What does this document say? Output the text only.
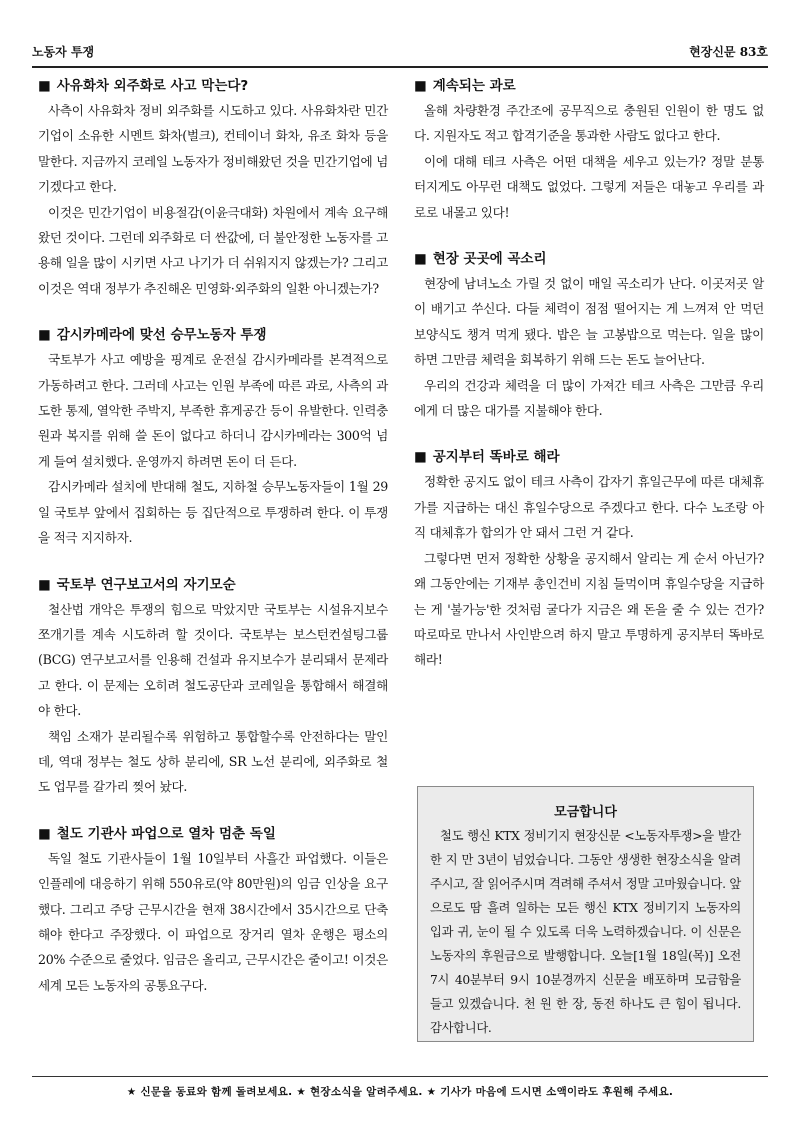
노동자 투쟁	현장신문 83호
■ 사유화차 외주화로 사고 막는다?

사측이 사유화차 정비 외주화를 시도하고 있다. 사유화차란 민간기업이 소유한 시멘트 화차(벌크), 컨테이너 화차, 유조 화차 등을 말한다. 지금까지 코레일 노동자가 정비해왔던 것을 민간기업에 넘기겠다고 한다.

이것은 민간기업이 비용절감(이윤극대화) 차원에서 계속 요구해왔던 것이다. 그런데 외주화로 더 싼값에, 더 불안정한 노동자를 고용해 일을 많이 시키면 사고 나기가 더 쉬워지지 않겠는가? 그리고 이것은 역대 정부가 추진해온 민영화·외주화의 일환 아니겠는가?

■ 감시카메라에 맞선 승무노동자 투쟁

국토부가 사고 예방을 핑계로 운전실 감시카메라를 본격적으로 가동하려고 한다. 그러데 사고는 인원 부족에 따른 과로, 사측의 과도한 통제, 열악한 주박지, 부족한 휴게공간 등이 유발한다. 인력충원과 복지를 위해 쓸 돈이 없다고 하더니 감시카메라는 300억 넘게 들여 설치했다. 운영까지 하려면 돈이 더 든다.

감시카메라 설치에 반대해 철도, 지하철 승무노동자들이 1월 29일 국토부 앞에서 집회하는 등 집단적으로 투쟁하려 한다. 이 투쟁을 적극 지지하자.

■ 국토부 연구보고서의 자기모순

철산법 개악은 투쟁의 힘으로 막았지만 국토부는 시설유지보수 쪼개기를 계속 시도하려 할 것이다. 국토부는 보스턴컨설팅그룹(BCG) 연구보고서를 인용해 건설과 유지보수가 분리돼서 문제라고 한다. 이 문제는 오히려 철도공단과 코레일을 통합해서 해결해야 한다.

책임 소재가 분리될수록 위험하고 통합할수록 안전하다는 말인데, 역대 정부는 철도 상하 분리에, SR 노선 분리에, 외주화로 철도 업무를 갈가리 찢어 놨다.

■ 철도 기관사 파업으로 열차 멈춘 독일

독일 철도 기관사들이 1월 10일부터 사흘간 파업했다. 이들은 인플레에 대응하기 위해 550유로(약 80만원)의 임금 인상을 요구했다. 그리고 주당 근무시간을 현재 38시간에서 35시간으로 단축해야 한다고 주장했다. 이 파업으로 장거리 열차 운행은 평소의 20% 수준으로 줄었다. 임금은 올리고, 근무시간은 줄이고! 이것은 세계 모든 노동자의 공통요구다.

■ 계속되는 과로

올해 차량환경 주간조에 공무직으로 충원된 인원이 한 명도 없다. 지원자도 적고 합격기준을 통과한 사람도 없다고 한다.

이에 대해 테크 사측은 어떤 대책을 세우고 있는가? 정말 분통 터지게도 아무런 대책도 없었다. 그렇게 저들은 대놓고 우리를 과로로 내몰고 있다!

■ 현장 곳곳에 곡소리

현장에 남녀노소 가릴 것 없이 매일 곡소리가 난다. 이곳저곳 알이 배기고 쑤신다. 다들 체력이 점점 떨어지는 게 느껴져 안 먹던 보양식도 챙겨 먹게 됐다. 밥은 늘 고봉밥으로 먹는다. 일을 많이 하면 그만큼 체력을 회복하기 위해 드는 돈도 늘어난다.

우리의 건강과 체력을 더 많이 가져간 테크 사측은 그만큼 우리에게 더 많은 대가를 지불해야 한다.

■ 공지부터 똑바로 해라

정확한 공지도 없이 테크 사측이 갑자기 휴일근무에 따른 대체휴가를 지급하는 대신 휴일수당으로 주겠다고 한다. 다수 노조랑 아직 대체휴가 합의가 안 돼서 그런 거 같다.

그렇다면 먼저 정확한 상황을 공지해서 알리는 게 순서 아닌가? 왜 그동안에는 기재부 총인건비 지침 들먹이며 휴일수당을 지급하는 게 '불가능'한 것처럼 굴다가 지금은 왜 돈을 줄 수 있는 건가? 따로따로 만나서 사인받으려 하지 말고 투명하게 공지부터 똑바로 해라!

모금합니다

철도 행신 KTX 정비기지 현장신문 <노동자투쟁>을 발간한 지 만 3년이 넘었습니다. 그동안 생생한 현장소식을 알려주시고, 잘 읽어주시며 격려해 주셔서 정말 고마웠습니다. 앞으로도 땀 흘려 일하는 모든 행신 KTX 정비기지 노동자의 입과 귀, 눈이 될 수 있도록 더욱 노력하겠습니다. 이 신문은 노동자의 후원금으로 발행합니다. 오늘[1월 18일(목)] 오전 7시 40분부터 9시 10분경까지 신문을 배포하며 모금함을 들고 있겠습니다. 천 원 한 장, 동전 하나도 큰 힘이 됩니다. 감사합니다.

★ 신문을 동료와 함께 돌려보세요. ★ 현장소식을 알려주세요. ★ 기사가 마음에 드시면 소액이라도 후원해 주세요.
